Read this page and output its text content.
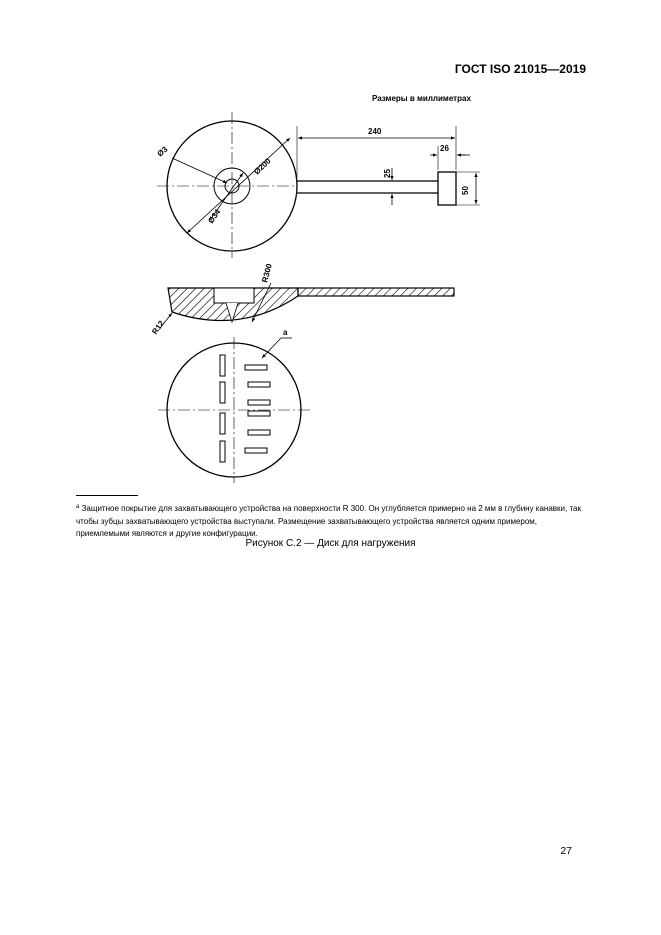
ГОСТ ISO 21015—2019
Размеры в миллиметрах
Ø3
Ø200
Ø34
240
26
25
50
R300
R12	a
$^a$ Защитное покрытие для захватывающего устройства на поверхности R 300. Он углубляется примерно на 2 мм в глубину канавки, так чтобы зубцы захватывающего устройства выступали. Размещение захватывающего устройства является одним примером, приемлемыми являются и другие конфигурации.
Рисунок С.2 — Диск для нагружения
27
